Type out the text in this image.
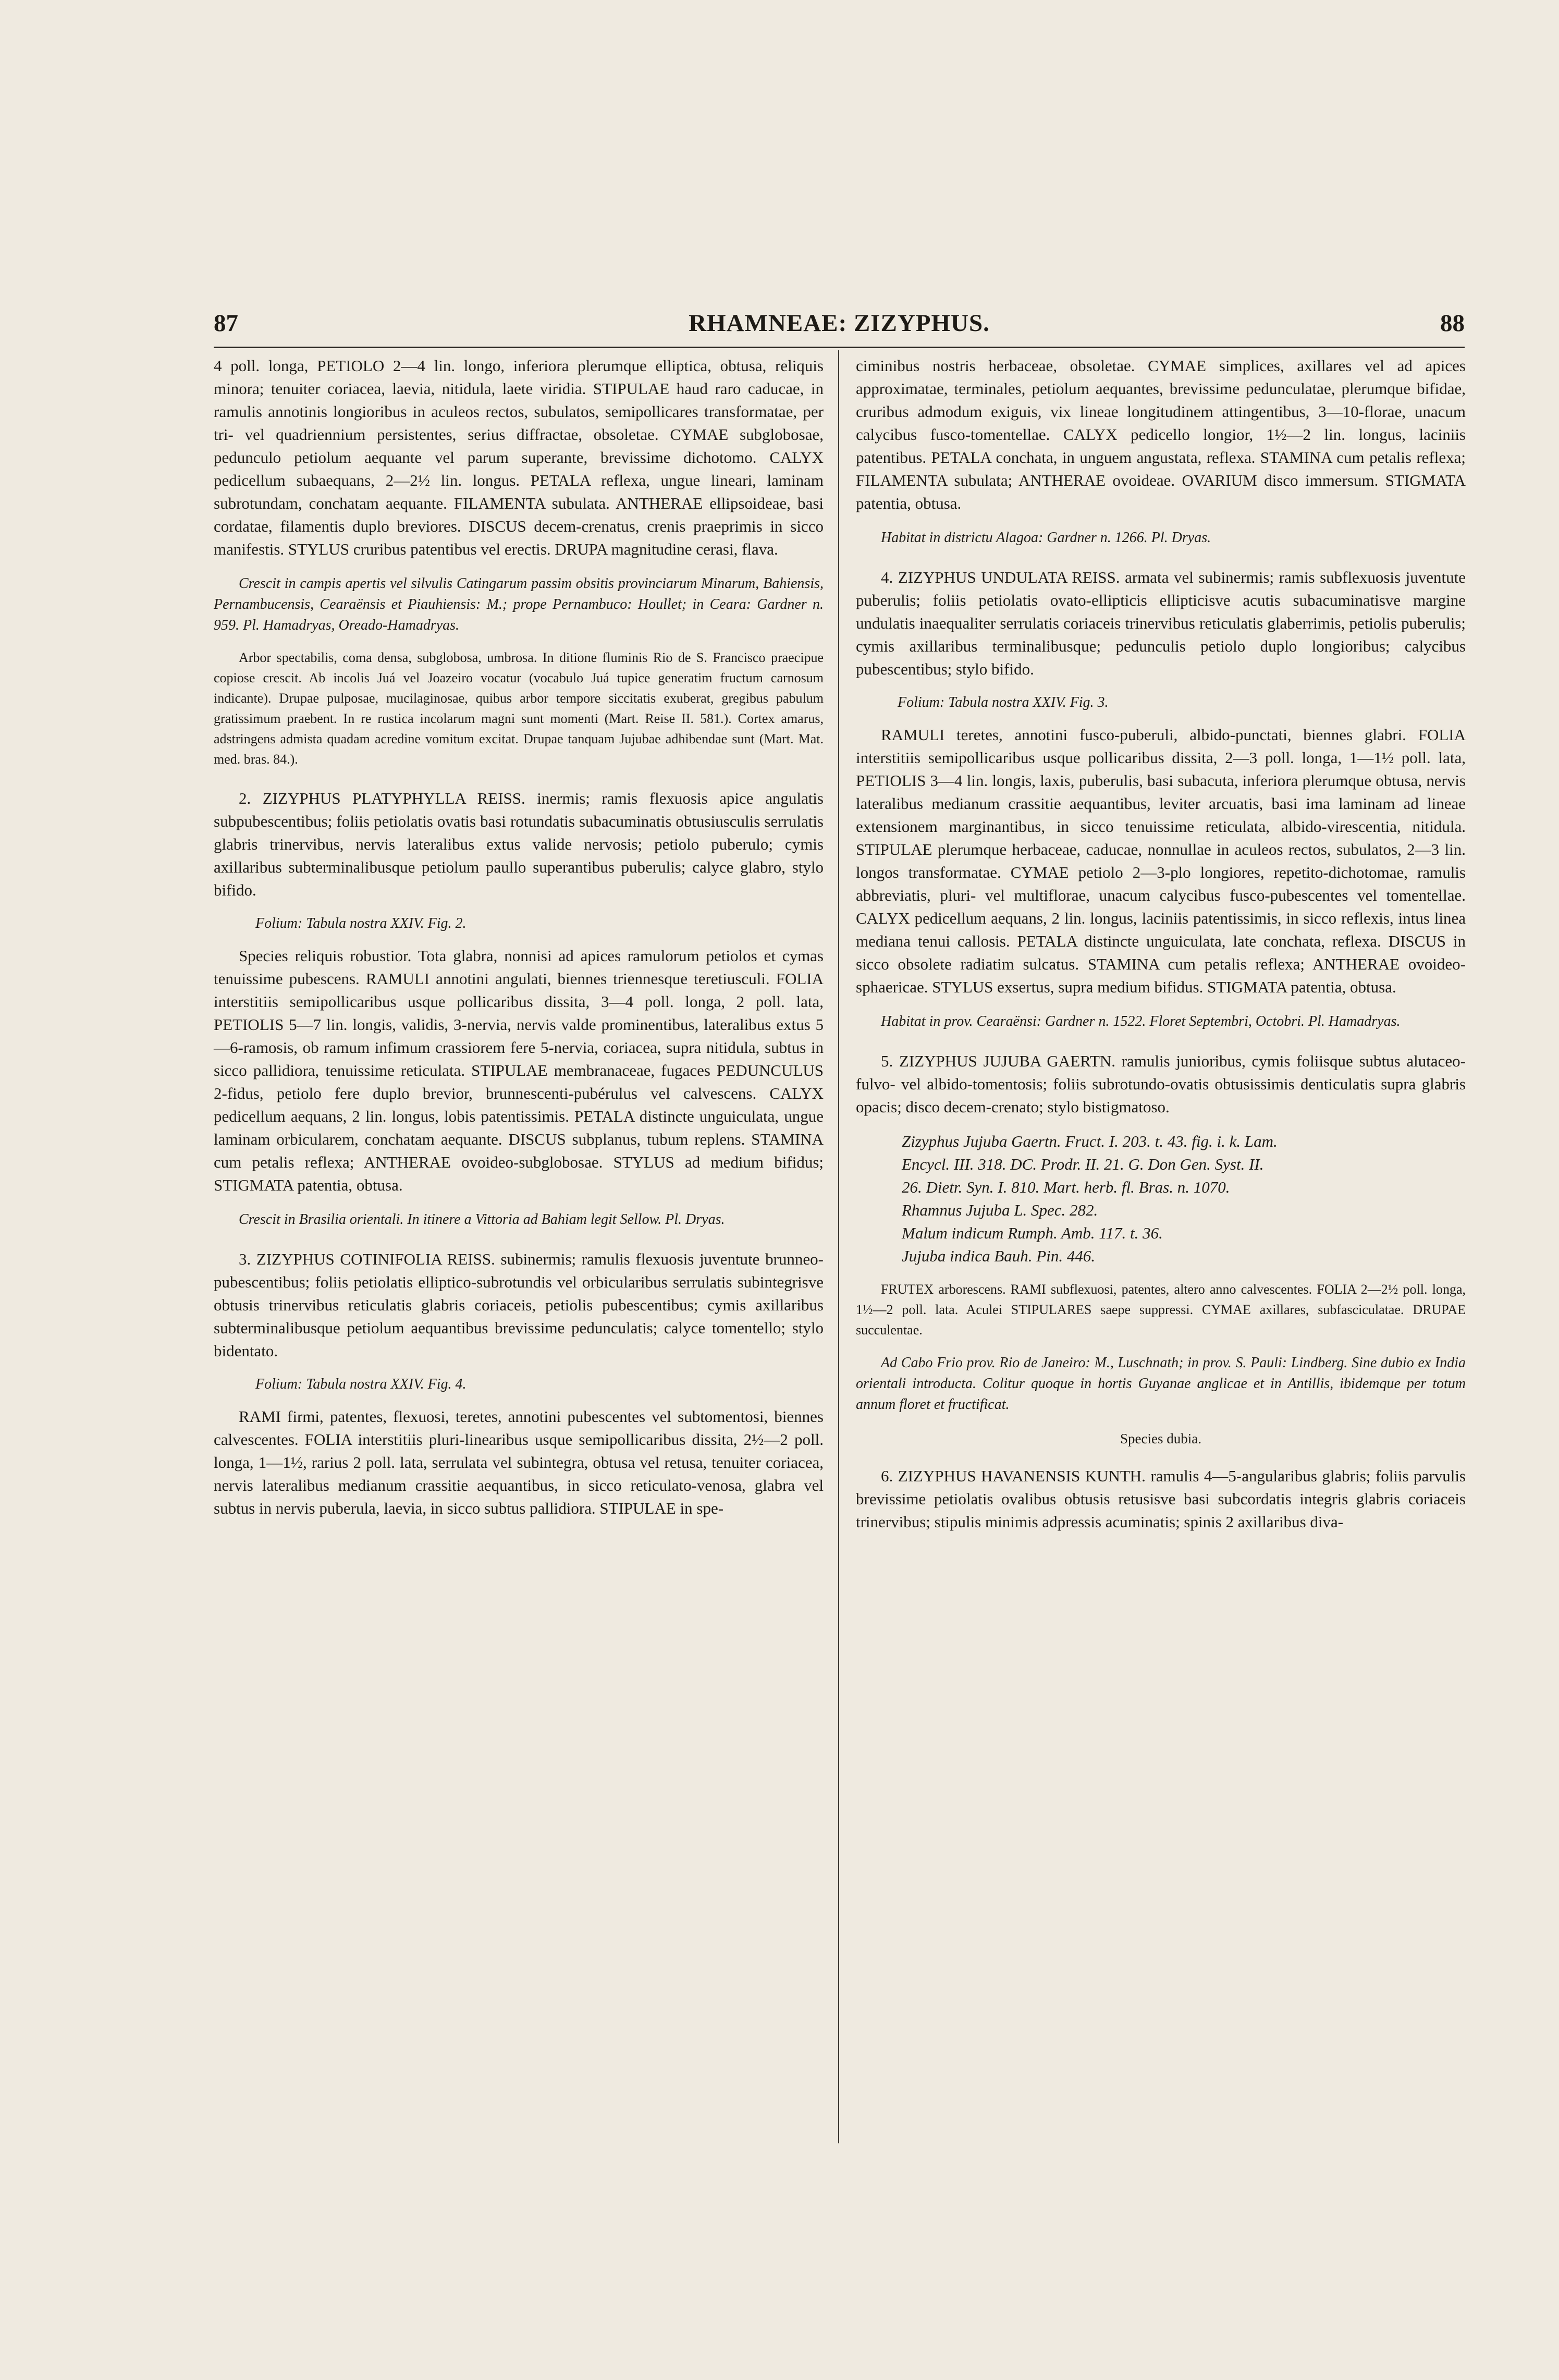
87	RHAMNEAE: ZIZYPHUS.	88

4 poll. longa, PETIOLO 2—4 lin. longo, inferiora plerumque elliptica, obtusa, reliquis minora; tenuiter coriacea, laevia, nitidula, laete viridia. STIPULAE haud raro caducae, in ramulis annotinis longioribus in aculeos rectos, subulatos, semipollicares transformatae, per tri- vel quadriennium persistentes, serius diffractae, obsoletae. CYMAE subglobosae, pedunculo petiolum aequante vel parum superante, brevissime dichotomo. CALYX pedicellum subaequans, 2—2½ lin. longus. PETALA reflexa, ungue lineari, laminam subrotundam, conchatam aequante. FILAMENTA subulata. ANTHERAE ellipsoideae, basi cordatae, filamentis duplo breviores. DISCUS decem-crenatus, crenis praeprimis in sicco manifestis. STYLUS cruribus patentibus vel erectis. DRUPA magnitudine cerasi, flava.

Crescit in campis apertis vel silvulis Catingarum passim obsitis provinciarum Minarum, Bahiensis, Pernambucensis, Cearaënsis et Piauhiensis: M.; prope Pernambuco: Houllet; in Ceara: Gardner n. 959. Pl. Hamadryas, Oreado-Hamadryas.

Arbor spectabilis, coma densa, subglobosa, umbrosa. In ditione fluminis Rio de S. Francisco praecipue copiose crescit. Ab incolis Juá vel Joazeiro vocatur (vocabulo Juá tupice generatim fructum carnosum indicante). Drupae pulposae, mucilaginosae, quibus arbor tempore siccitatis exuberat, gregibus pabulum gratissimum praebent. In re rustica incolarum magni sunt momenti (Mart. Reise II. 581.). Cortex amarus, adstringens admista quadam acredine vomitum excitat. Drupae tanquam Jujubae adhibendae sunt (Mart. Mat. med. bras. 84.).

2. ZIZYPHUS PLATYPHYLLA REISS. inermis; ramis flexuosis apice angulatis subpubescentibus; foliis petiolatis ovatis basi rotundatis subacuminatis obtusiusculis serrulatis glabris trinervibus, nervis lateralibus extus valide nervosis; petiolo puberulo; cymis axillaribus subterminalibusque petiolum paullo superantibus puberulis; calyce glabro, stylo bifido.

Folium: Tabula nostra XXIV. Fig. 2.

Species reliquis robustior. Tota glabra, nonnisi ad apices ramulorum petiolos et cymas tenuissime pubescens. RAMULI annotini angulati, biennes triennesque teretiusculi. FOLIA interstitiis semipollicaribus usque pollicaribus dissita, 3—4 poll. longa, 2 poll. lata, PETIOLIS 5—7 lin. longis, validis, 3-nervia, nervis valde prominentibus, lateralibus extus 5—6-ramosis, ob ramum infimum crassiorem fere 5-nervia, coriacea, supra nitidula, subtus in sicco pallidiora, tenuissime reticulata. STIPULAE membranaceae, fugaces PEDUNCULUS 2-fidus, petiolo fere duplo brevior, brunnescenti-pubérulus vel calvescens. CALYX pedicellum aequans, 2 lin. longus, lobis patentissimis. PETALA distincte unguiculata, ungue laminam orbicularem, conchatam aequante. DISCUS subplanus, tubum replens. STAMINA cum petalis reflexa; ANTHERAE ovoideo-subglobosae. STYLUS ad medium bifidus; STIGMATA patentia, obtusa.

Crescit in Brasilia orientali. In itinere a Vittoria ad Bahiam legit Sellow. Pl. Dryas.

3. ZIZYPHUS COTINIFOLIA REISS. subinermis; ramulis flexuosis juventute brunneo-pubescentibus; foliis petiolatis elliptico-subrotundis vel orbicularibus serrulatis subintegrisve obtusis trinervibus reticulatis glabris coriaceis, petiolis pubescentibus; cymis axillaribus subterminalibusque petiolum aequantibus brevissime pedunculatis; calyce tomentello; stylo bidentato.

Folium: Tabula nostra XXIV. Fig. 4.

RAMI firmi, patentes, flexuosi, teretes, annotini pubescentes vel subtomentosi, biennes calvescentes. FOLIA interstitiis pluri-linearibus usque semipollicaribus dissita, 2½—2 poll. longa, 1—1½, rarius 2 poll. lata, serrulata vel subintegra, obtusa vel retusa, tenuiter coriacea, nervis lateralibus medianum crassitie aequantibus, in sicco reticulato-venosa, glabra vel subtus in nervis puberula, laevia, in sicco subtus pallidiora. STIPULAE in spe-

ciminibus nostris herbaceae, obsoletae. CYMAE simplices, axillares vel ad apices approximatae, terminales, petiolum aequantes, brevissime pedunculatae, plerumque bifidae, cruribus admodum exiguis, vix lineae longitudinem attingentibus, 3—10-florae, unacum calycibus fusco-tomentellae. CALYX pedicello longior, 1½—2 lin. longus, laciniis patentibus. PETALA conchata, in unguem angustata, reflexa. STAMINA cum petalis reflexa; FILAMENTA subulata; ANTHERAE ovoideae. OVARIUM disco immersum. STIGMATA patentia, obtusa.

Habitat in districtu Alagoa: Gardner n. 1266. Pl. Dryas.

4. ZIZYPHUS UNDULATA REISS. armata vel subinermis; ramis subflexuosis juventute puberulis; foliis petiolatis ovato-ellipticis ellipticisve acutis subacuminatisve margine undulatis inaequaliter serrulatis coriaceis trinervibus reticulatis glaberrimis, petiolis puberulis; cymis axillaribus terminalibusque; pedunculis petiolo duplo longioribus; calycibus pubescentibus; stylo bifido.

Folium: Tabula nostra XXIV. Fig. 3.

RAMULI teretes, annotini fusco-puberuli, albido-punctati, biennes glabri. FOLIA interstitiis semipollicaribus usque pollicaribus dissita, 2—3 poll. longa, 1—1½ poll. lata, PETIOLIS 3—4 lin. longis, laxis, puberulis, basi subacuta, inferiora plerumque obtusa, nervis lateralibus medianum crassitie aequantibus, leviter arcuatis, basi ima laminam ad lineae extensionem marginantibus, in sicco tenuissime reticulata, albido-virescentia, nitidula. STIPULAE plerumque herbaceae, caducae, nonnullae in aculeos rectos, subulatos, 2—3 lin. longos transformatae. CYMAE petiolo 2—3-plo longiores, repetito-dichotomae, ramulis abbreviatis, pluri- vel multiflorae, unacum calycibus fusco-pubescentes vel tomentellae. CALYX pedicellum aequans, 2 lin. longus, laciniis patentissimis, in sicco reflexis, intus linea mediana tenui callosis. PETALA distincte unguiculata, late conchata, reflexa. DISCUS in sicco obsolete radiatim sulcatus. STAMINA cum petalis reflexa; ANTHERAE ovoideo-sphaericae. STYLUS exsertus, supra medium bifidus. STIGMATA patentia, obtusa.

Habitat in prov. Cearaënsi: Gardner n. 1522. Floret Septembri, Octobri. Pl. Hamadryas.

5. ZIZYPHUS JUJUBA GAERTN. ramulis junioribus, cymis foliisque subtus alutaceo- fulvo- vel albido-tomentosis; foliis subrotundo-ovatis obtusissimis denticulatis supra glabris opacis; disco decem-crenato; stylo bistigmatoso.

Zizyphus Jujuba Gaertn. Fruct. I. 203. t. 43. fig. i. k. Lam.
Encycl. III. 318. DC. Prodr. II. 21. G. Don Gen. Syst. II.
26. Dietr. Syn. I. 810. Mart. herb. fl. Bras. n. 1070.
Rhamnus Jujuba L. Spec. 282.
Malum indicum Rumph. Amb. 117. t. 36.
Jujuba indica Bauh. Pin. 446.

FRUTEX arborescens. RAMI subflexuosi, patentes, altero anno calvescentes. FOLIA 2—2½ poll. longa, 1½—2 poll. lata. Aculei STIPULARES saepe suppressi. CYMAE axillares, subfasciculatae. DRUPAE succulentae.

Ad Cabo Frio prov. Rio de Janeiro: M., Luschnath; in prov. S. Pauli: Lindberg. Sine dubio ex India orientali introducta. Colitur quoque in hortis Guyanae anglicae et in Antillis, ibidemque per totum annum floret et fructificat.

Species dubia.

6. ZIZYPHUS HAVANENSIS KUNTH. ramulis 4—5-angularibus glabris; foliis parvulis brevissime petiolatis ovalibus obtusis retusisve basi subcordatis integris glabris coriaceis trinervibus; stipulis minimis adpressis acuminatis; spinis 2 axillaribus diva-
